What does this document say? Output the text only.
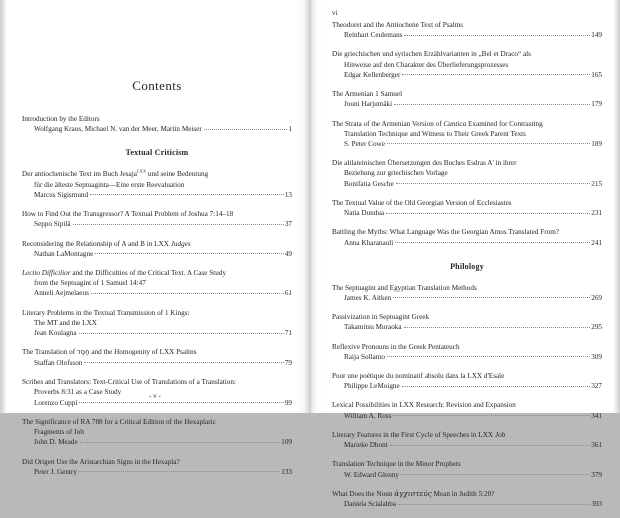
Contents
Introduction by the Editors
Wolfgang Kraus, Michael N. van der Meer, Martin Meiser	1
Textual Criticism
Der antiochenische Text im Buch Jesaja$^{LXX}$ und seine Bedeutung
für die älteste Septuaginta—Eine erste Reevaluation
Marcus Sigismund	13
How to Find Out the Transgressor? A Textual Problem of Joshua 7:14–18
Seppo Sipilä	37
Reconsidering the Relationship of A and B in LXX Judges
Nathan LaMontagne	49
Lectio Difficilior and the Difficulties of the Critical Text. A Case Study
from the Septuagint of 1 Samuel 14:47
Anneli Aejmelaeus	61
Literary Problems in the Textual Transmission of 1 Kings:
The MT and the LXX
Jean Koulagna	71
The Translation of חֶסֶד and the Homogenity of LXX Psalms
Staffan Olofsson	79
Scribes and Translators: Text-Critical Use of Translations of a Translation:
Proverbs 8:31 as a Case Study
Lorenzo Cuppi	99
The Significance of RA 788 for a Critical Edition of the Hexaplaric
Fragments of Job
John D. Meade	109
Did Origen Use the Aristarchian Signs in the Hexapla?
Peter J. Gentry	133
- v -
vi
Theodoret and the Antiochene Text of Psalms
Reinhart Ceulemans	149
Die griechischen und syrischen Erzählvarianten in „Bel et Draco“ als
Hinweise auf den Charakter des Überlieferungsprozesses
Edgar Kellenberger	165
The Armenian 1 Samuel
Jouni Harjumäki	179
The Strata of the Armenian Version of Cantica Examined for Contrasting
Translation Technique and Witness to Their Greek Parent Texts
S. Peter Cowe	189
Die altlateinischen Übersetzungen des Buches Esdras A' in ihrer
Beziehung zur griechischen Vorlage
Bonifatia Gesche	215
The Textual Value of the Old Georgian Version of Ecclesiastes
Natia Dundua	231
Battling the Myths: What Language Was the Georgian Amos Translated From?
Anna Kharanauli	241
Philology
The Septuagint and Egyptian Translation Methods
James K. Aitken	269
Passivization in Septuagint Greek
Takamitsu Muraoka	295
Reflexive Pronouns in the Greek Pentateuch
Raija Sollamo	309
Pour une poétique du nominatif absolu dans la LXX d'Esaïe
Philippe LeMoigne	327
Lexical Possibilities in LXX Research: Revision and Expansion
William A. Ross	341
Literary Features in the First Cycle of Speeches in LXX Job
Marieke Dhont	361
Translation Technique in the Minor Prophets
W. Edward Glenny	379
What Does the Noun ἀγχιστεύς Mean in Judith 5:20?
Daniela Scialabba	393
